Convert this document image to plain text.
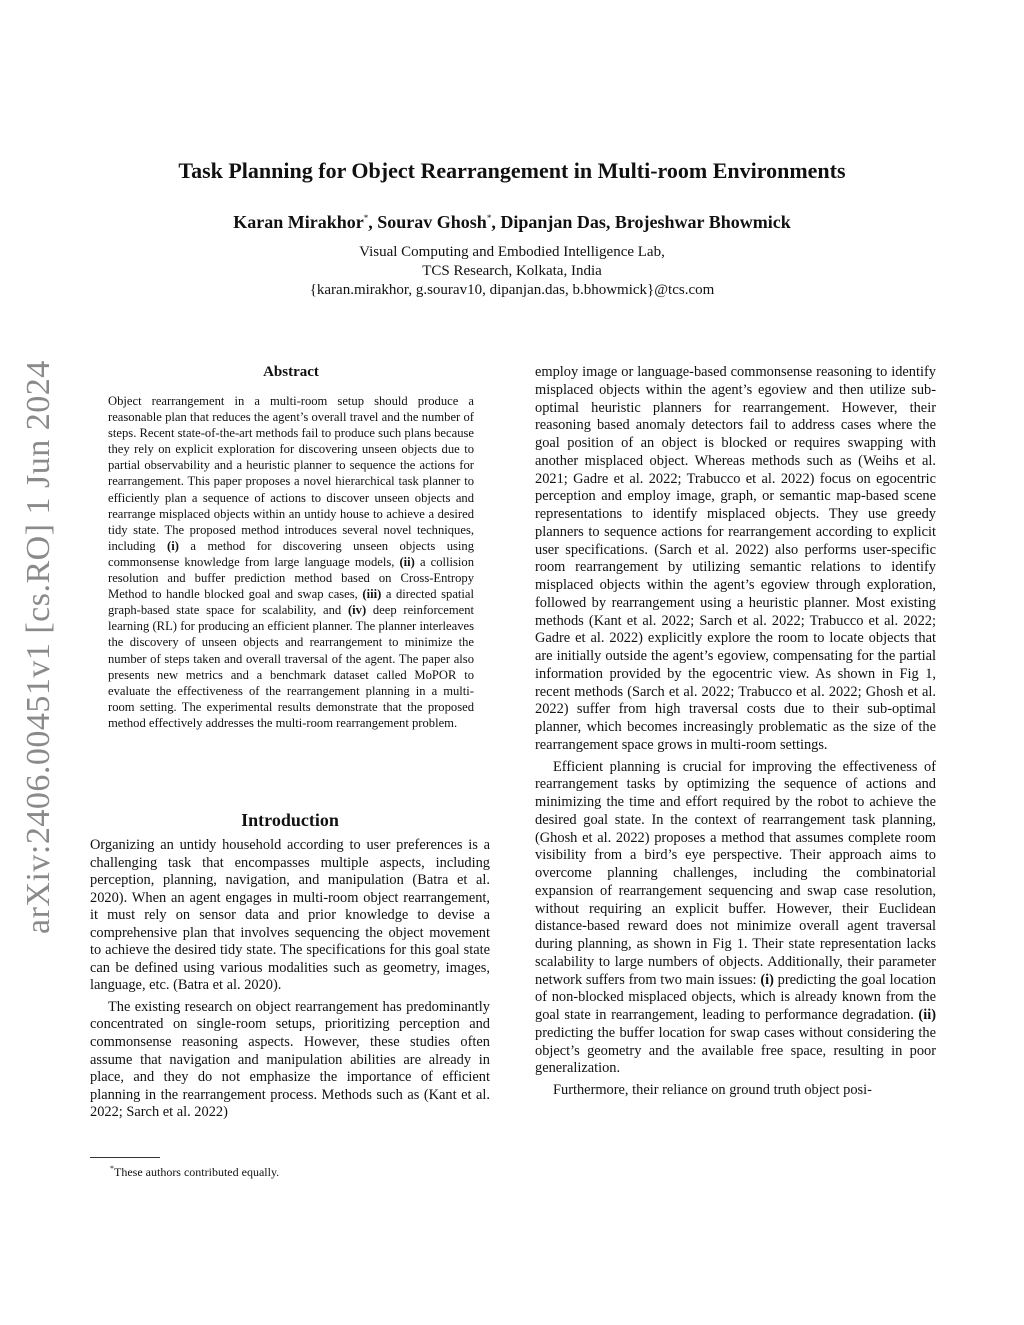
arXiv:2406.00451v1 [cs.RO] 1 Jun 2024
Task Planning for Object Rearrangement in Multi-room Environments
Karan Mirakhor*, Sourav Ghosh*, Dipanjan Das, Brojeshwar Bhowmick
Visual Computing and Embodied Intelligence Lab,
TCS Research, Kolkata, India
{karan.mirakhor, g.sourav10, dipanjan.das, b.bhowmick}@tcs.com
Abstract
Object rearrangement in a multi-room setup should produce a reasonable plan that reduces the agent’s overall travel and the number of steps. Recent state-of-the-art methods fail to produce such plans because they rely on explicit exploration for discovering unseen objects due to partial observability and a heuristic planner to sequence the actions for rearrangement. This paper proposes a novel hierarchical task planner to efficiently plan a sequence of actions to discover unseen objects and rearrange misplaced objects within an untidy house to achieve a desired tidy state. The proposed method introduces several novel techniques, including (i) a method for discovering unseen objects using commonsense knowledge from large language models, (ii) a collision resolution and buffer prediction method based on Cross-Entropy Method to handle blocked goal and swap cases, (iii) a directed spatial graph-based state space for scalability, and (iv) deep reinforcement learning (RL) for producing an efficient planner. The planner interleaves the discovery of unseen objects and rearrangement to minimize the number of steps taken and overall traversal of the agent. The paper also presents new metrics and a benchmark dataset called MoPOR to evaluate the effectiveness of the rearrangement planning in a multi-room setting. The experimental results demonstrate that the proposed method effectively addresses the multi-room rearrangement problem.
Introduction

Organizing an untidy household according to user preferences is a challenging task that encompasses multiple aspects, including perception, planning, navigation, and manipulation (Batra et al. 2020). When an agent engages in multi-room object rearrangement, it must rely on sensor data and prior knowledge to devise a comprehensive plan that involves sequencing the object movement to achieve the desired tidy state. The specifications for this goal state can be defined using various modalities such as geometry, images, language, etc. (Batra et al. 2020).

The existing research on object rearrangement has predominantly concentrated on single-room setups, prioritizing perception and commonsense reasoning aspects. However, these studies often assume that navigation and manipulation abilities are already in place, and they do not emphasize the importance of efficient planning in the rearrangement process. Methods such as (Kant et al. 2022; Sarch et al. 2022)

*These authors contributed equally.

employ image or language-based commonsense reasoning to identify misplaced objects within the agent’s egoview and then utilize sub-optimal heuristic planners for rearrangement. However, their reasoning based anomaly detectors fail to address cases where the goal position of an object is blocked or requires swapping with another misplaced object. Whereas methods such as (Weihs et al. 2021; Gadre et al. 2022; Trabucco et al. 2022) focus on egocentric perception and employ image, graph, or semantic map-based scene representations to identify misplaced objects. They use greedy planners to sequence actions for rearrangement according to explicit user specifications. (Sarch et al. 2022) also performs user-specific room rearrangement by utilizing semantic relations to identify misplaced objects within the agent’s egoview through exploration, followed by rearrangement using a heuristic planner. Most existing methods (Kant et al. 2022; Sarch et al. 2022; Trabucco et al. 2022; Gadre et al. 2022) explicitly explore the room to locate objects that are initially outside the agent’s egoview, compensating for the partial information provided by the egocentric view. As shown in Fig 1, recent methods (Sarch et al. 2022; Trabucco et al. 2022; Ghosh et al. 2022) suffer from high traversal costs due to their sub-optimal planner, which becomes increasingly problematic as the size of the rearrangement space grows in multi-room settings.

Efficient planning is crucial for improving the effectiveness of rearrangement tasks by optimizing the sequence of actions and minimizing the time and effort required by the robot to achieve the desired goal state. In the context of rearrangement task planning, (Ghosh et al. 2022) proposes a method that assumes complete room visibility from a bird’s eye perspective. Their approach aims to overcome planning challenges, including the combinatorial expansion of rearrangement sequencing and swap case resolution, without requiring an explicit buffer. However, their Euclidean distance-based reward does not minimize overall agent traversal during planning, as shown in Fig 1. Their state representation lacks scalability to large numbers of objects. Additionally, their parameter network suffers from two main issues: (i) predicting the goal location of non-blocked misplaced objects, which is already known from the goal state in rearrangement, leading to performance degradation. (ii) predicting the buffer location for swap cases without considering the object’s geometry and the available free space, resulting in poor generalization.

Furthermore, their reliance on ground truth object posi-
